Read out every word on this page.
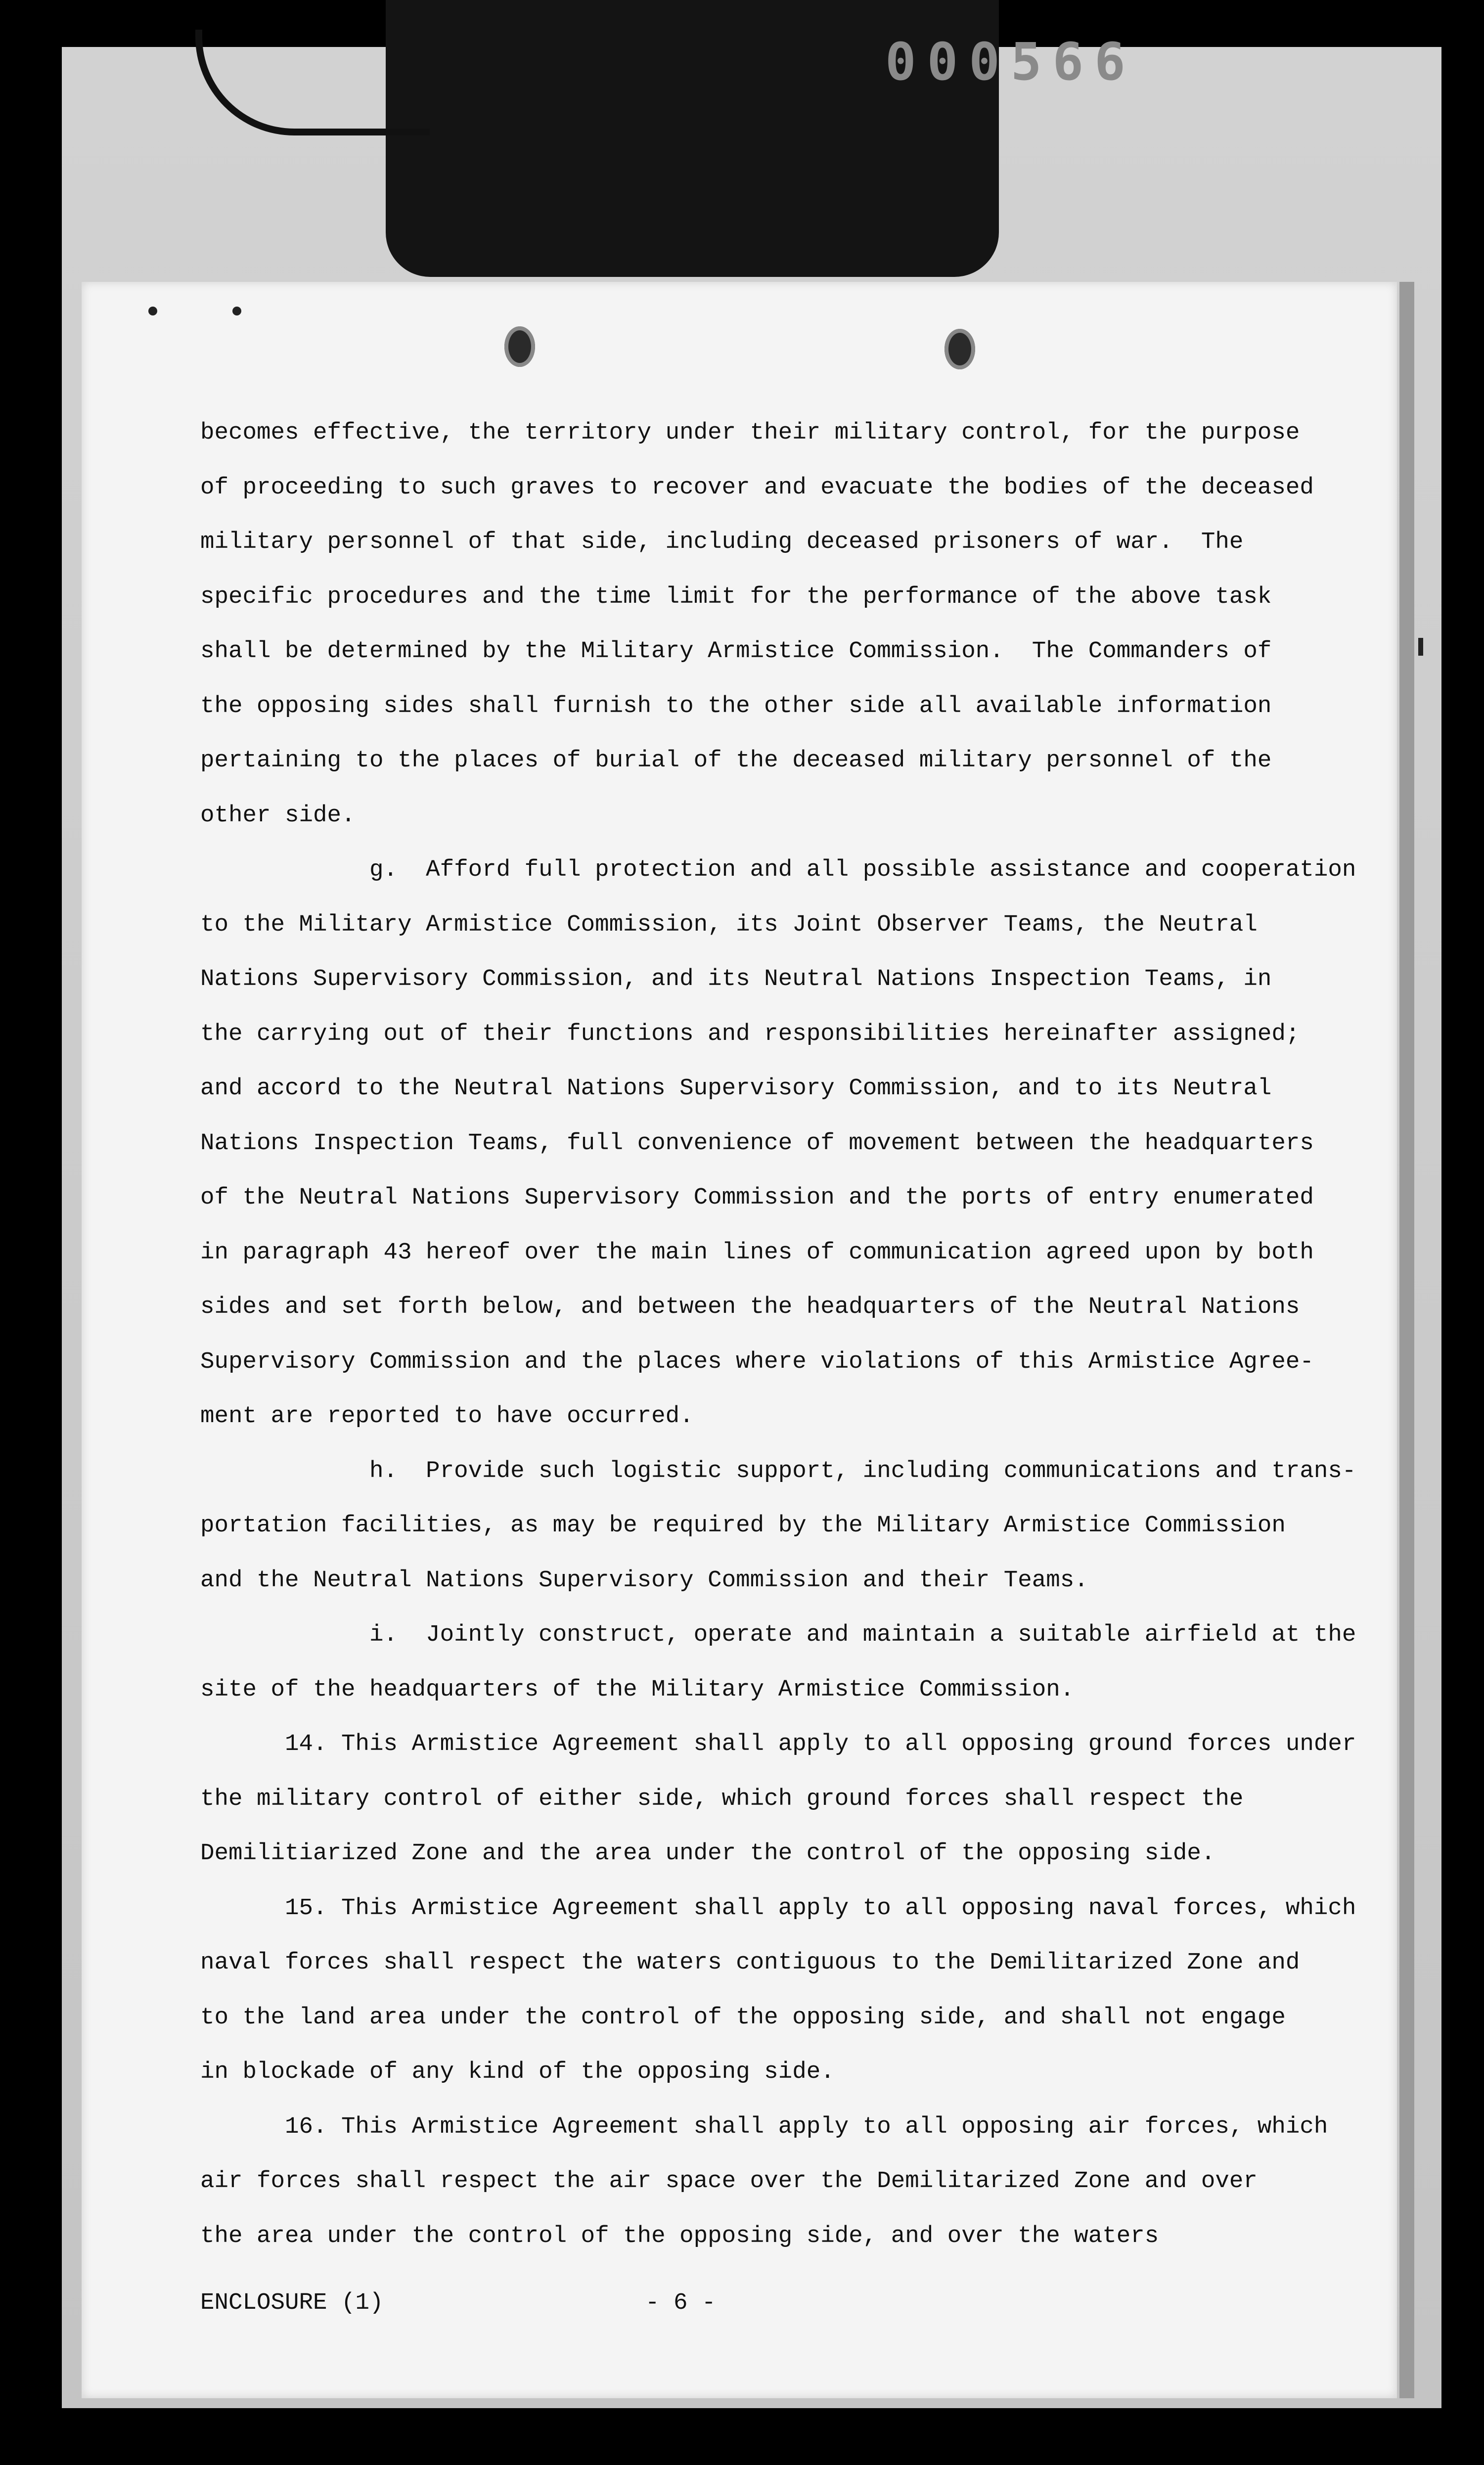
becomes effective, the territory under their military control, for the purpose
of proceeding to such graves to recover and evacuate the bodies of the deceased
military personnel of that side, including deceased prisoners of war.  The
specific procedures and the time limit for the performance of the above task
shall be determined by the Military Armistice Commission.  The Commanders of
the opposing sides shall furnish to the other side all available information
pertaining to the places of burial of the deceased military personnel of the
other side.
g.  Afford full protection and all possible assistance and cooperation
to the Military Armistice Commission, its Joint Observer Teams, the Neutral
Nations Supervisory Commission, and its Neutral Nations Inspection Teams, in
the carrying out of their functions and responsibilities hereinafter assigned;
and accord to the Neutral Nations Supervisory Commission, and to its Neutral
Nations Inspection Teams, full convenience of movement between the headquarters
of the Neutral Nations Supervisory Commission and the ports of entry enumerated
in paragraph 43 hereof over the main lines of communication agreed upon by both
sides and set forth below, and between the headquarters of the Neutral Nations
Supervisory Commission and the places where violations of this Armistice Agree-
ment are reported to have occurred.
h.  Provide such logistic support, including communications and trans-
portation facilities, as may be required by the Military Armistice Commission
and the Neutral Nations Supervisory Commission and their Teams.
i.  Jointly construct, operate and maintain a suitable airfield at the
site of the headquarters of the Military Armistice Commission.
14. This Armistice Agreement shall apply to all opposing ground forces under
the military control of either side, which ground forces shall respect the
Demilitiarized Zone and the area under the control of the opposing side.
15. This Armistice Agreement shall apply to all opposing naval forces, which
naval forces shall respect the waters contiguous to the Demilitarized Zone and
to the land area under the control of the opposing side, and shall not engage
in blockade of any kind of the opposing side.
16. This Armistice Agreement shall apply to all opposing air forces, which
air forces shall respect the air space over the Demilitarized Zone and over
the area under the control of the opposing side, and over the waters
ENCLOSURE (1)	- 6 -
000566
